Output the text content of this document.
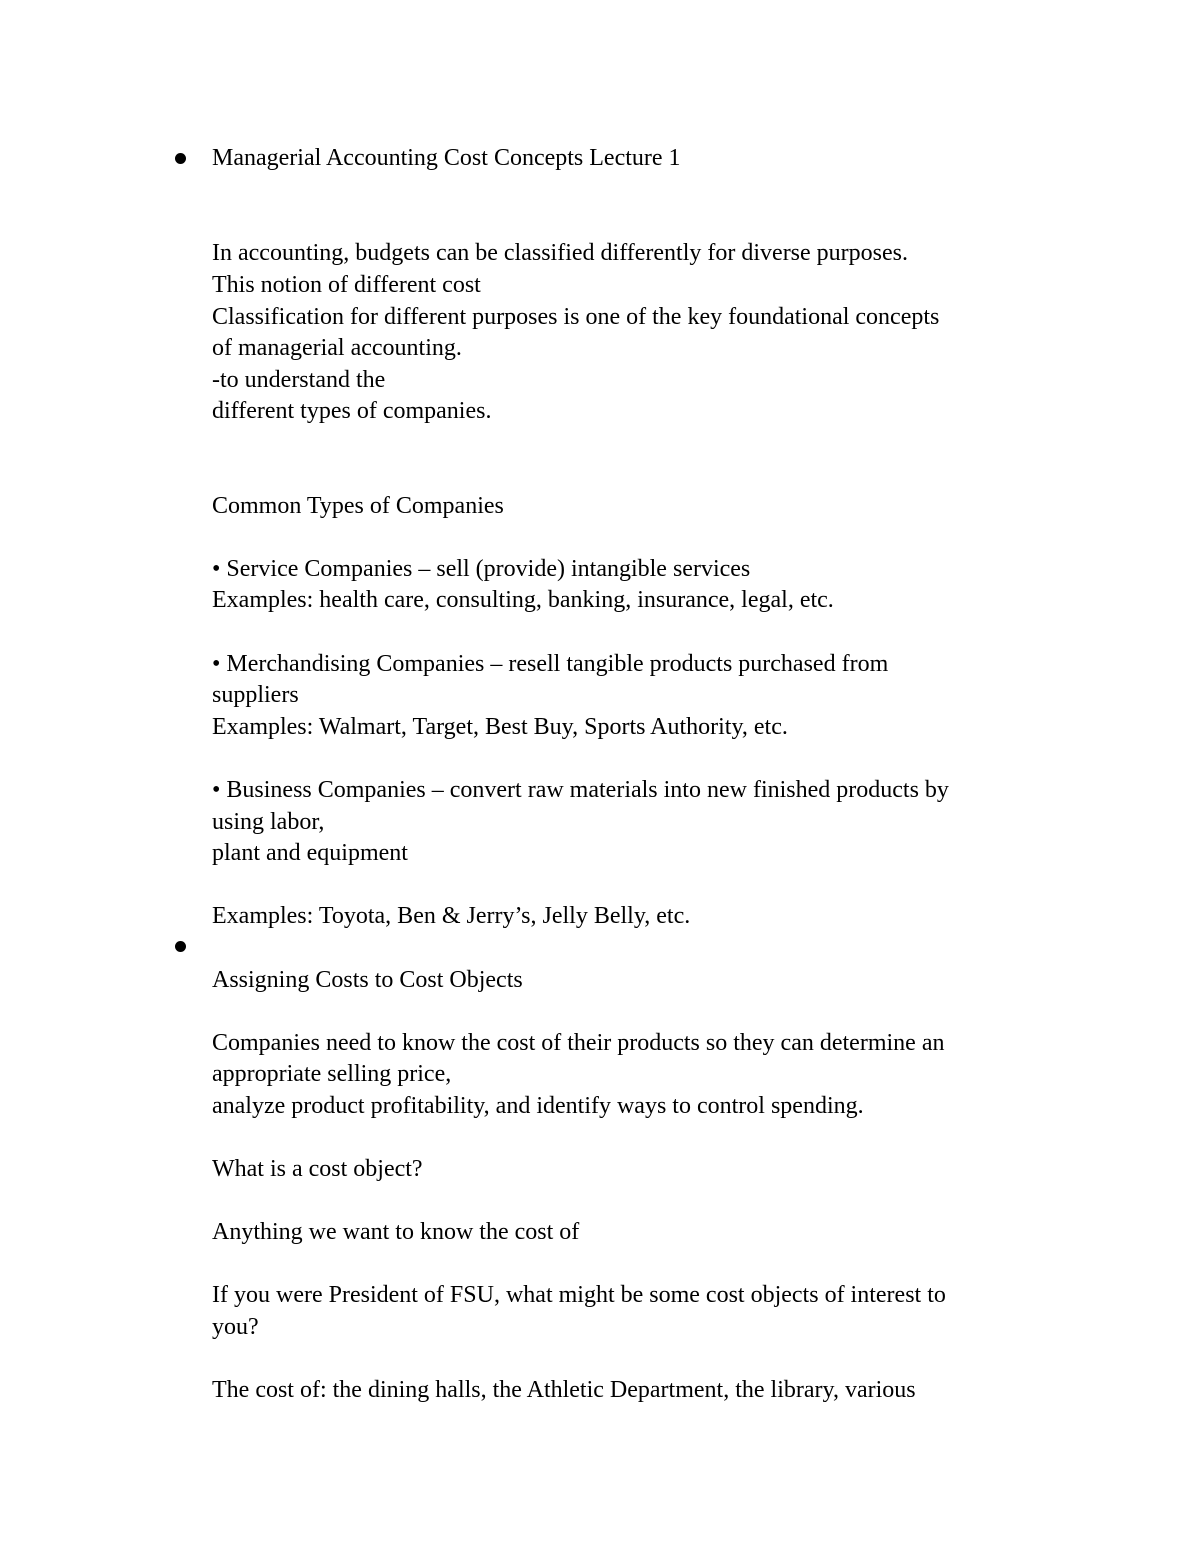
Managerial Accounting Cost Concepts Lecture 1
In accounting, budgets can be classified differently for diverse purposes.
This notion of different cost
Classification for different purposes is one of the key foundational concepts
of managerial accounting.
-to understand the
different types of companies.
Common Types of Companies
• Service Companies – sell (provide) intangible services
Examples: health care, consulting, banking, insurance, legal, etc.
• Merchandising Companies – resell tangible products purchased from
suppliers
Examples: Walmart, Target, Best Buy, Sports Authority, etc.
• Business Companies – convert raw materials into new finished products by
using labor,
plant and equipment
Examples: Toyota, Ben & Jerry’s, Jelly Belly, etc.
Assigning Costs to Cost Objects
Companies need to know the cost of their products so they can determine an
appropriate selling price,
analyze product profitability, and identify ways to control spending.
What is a cost object?
Anything we want to know the cost of
If you were President of FSU, what might be some cost objects of interest to
you?
The cost of: the dining halls, the Athletic Department, the library, various
